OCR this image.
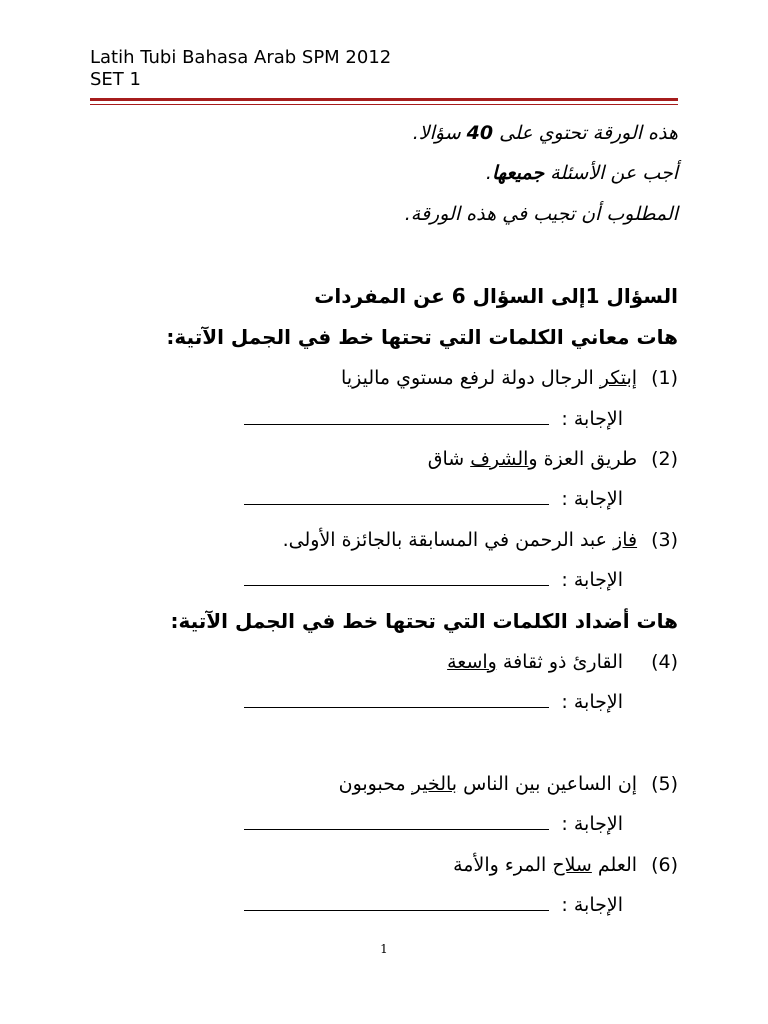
Latih Tubi Bahasa Arab SPM 2012
SET 1
هذه الورقة تحتوي على 40 سؤالا.
أجب عن الأسئلة جميعها.
المطلوب أن تجيب في هذه الورقة.
السؤال 1إلى السؤال 6 عن المفردات
هات معاني الكلمات التي تحتها خط في الجمل الآتية:
(1)إبتكر الرجال دولة لرفع مستوي ماليزيا
الإجابة :
(2)طريق العزة والشرف شاق
الإجابة :
(3)فاز عبد الرحمن في المسابقة بالجائزة الأولى.
الإجابة :
هات أضداد الكلمات التي تحتها خط في الجمل الآتية:
(4)القارئ ذو ثقافة واسعة
الإجابة :
(5)إن الساعين بين الناس بالخير محبوبون
الإجابة :
(6)العلم سلاح المرء والأمة
الإجابة :
1
